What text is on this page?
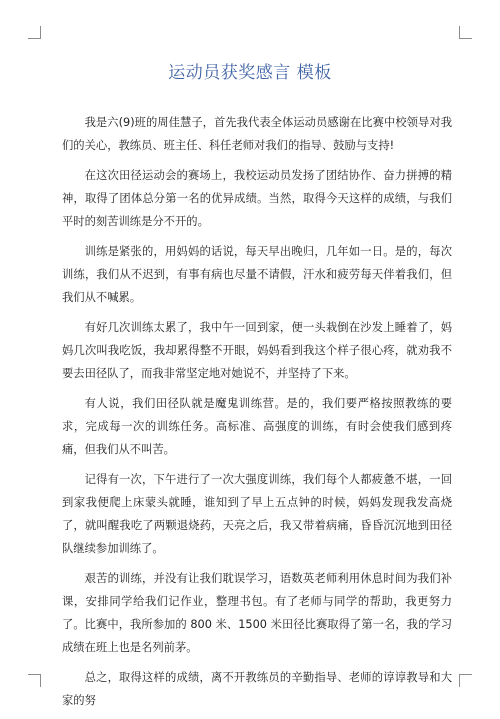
运动员获奖感言 模板

我是六(9)班的周佳慧子，首先我代表全体运动员感谢在比赛中校领导对我们的关心，教练员、班主任、科任老师对我们的指导、鼓励与支持!

在这次田径运动会的赛场上，我校运动员发扬了团结协作、奋力拼搏的精神，取得了团体总分第一名的优异成绩。当然，取得今天这样的成绩，与我们平时的刻苦训练是分不开的。

训练是紧张的，用妈妈的话说，每天早出晚归，几年如一日。是的，每次训练，我们从不迟到，有事有病也尽量不请假，汗水和疲劳每天伴着我们，但我们从不喊累。

有好几次训练太累了，我中午一回到家，便一头栽倒在沙发上睡着了，妈妈几次叫我吃饭，我却累得整不开眼，妈妈看到我这个样子很心疼，就劝我不要去田径队了，而我非常坚定地对她说不，并坚持了下来。

有人说，我们田径队就是魔鬼训练营。是的，我们要严格按照教练的要求，完成每一次的训练任务。高标准、高强度的训练，有时会使我们感到疼痛，但我们从不叫苦。

记得有一次，下午进行了一次大强度训练，我们每个人都疲惫不堪，一回到家我便爬上床蒙头就睡，谁知到了早上五点钟的时候，妈妈发现我发高烧了，就叫醒我吃了两颗退烧药，天亮之后，我又带着病痛，昏昏沉沉地到田径队继续参加训练了。

艰苦的训练，并没有让我们耽误学习，语数英老师利用休息时间为我们补课，安排同学给我们记作业，整理书包。有了老师与同学的帮助，我更努力了。比赛中，我所参加的 800 米、1500 米田径比赛取得了第一名，我的学习成绩在班上也是名列前茅。

总之，取得这样的成绩，离不开教练员的辛勤指导、老师的谆谆教导和大家的努
